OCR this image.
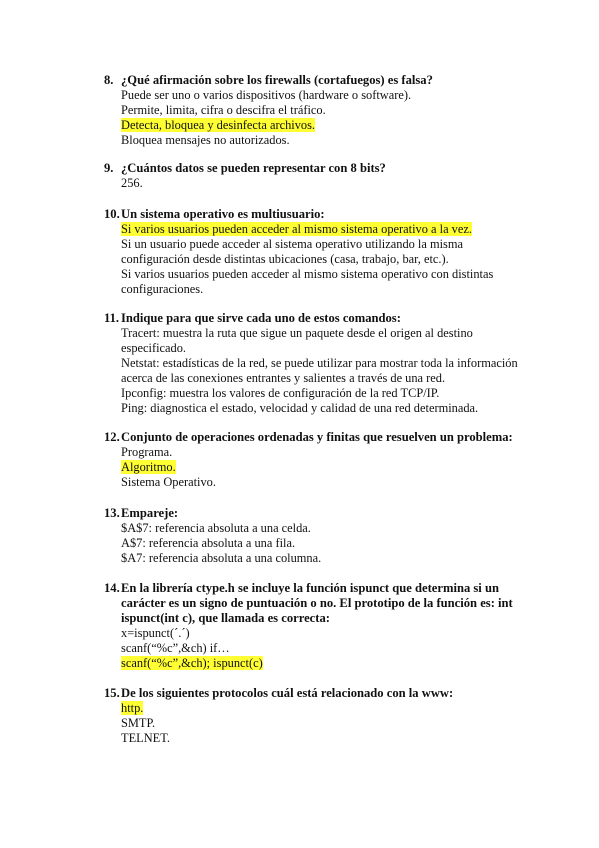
8. ¿Qué afirmación sobre los firewalls (cortafuegos) es falsa?
Puede ser uno o varios dispositivos (hardware o software).
Permite, limita, cifra o descifra el tráfico.
Detecta, bloquea y desinfecta archivos.
Bloquea mensajes no autorizados.
9. ¿Cuántos datos se pueden representar con 8 bits?
256.
10. Un sistema operativo es multiusuario:
Si varios usuarios pueden acceder al mismo sistema operativo a la vez.
Si un usuario puede acceder al sistema operativo utilizando la misma configuración desde distintas ubicaciones (casa, trabajo, bar, etc.).
Si varios usuarios pueden acceder al mismo sistema operativo con distintas configuraciones.
11. Indique para que sirve cada uno de estos comandos:
Tracert: muestra la ruta que sigue un paquete desde el origen al destino especificado.
Netstat: estadísticas de la red, se puede utilizar para mostrar toda la información acerca de las conexiones entrantes y salientes a través de una red.
Ipconfig: muestra los valores de configuración de la red TCP/IP.
Ping: diagnostica el estado, velocidad y calidad de una red determinada.
12. Conjunto de operaciones ordenadas y finitas que resuelven un problema:
Programa.
Algoritmo.
Sistema Operativo.
13. Empareje:
$A$7: referencia absoluta a una celda.
A$7: referencia absoluta a una fila.
$A7: referencia absoluta a una columna.
14. En la librería ctype.h se incluye la función ispunct que determina si un carácter es un signo de puntuación o no. El prototipo de la función es: int ispunct(int c), que llamada es correcta:
x=ispunct(´.´)
scanf(“%c”,&ch) if…
scanf(“%c”,&ch); ispunct(c)
15. De los siguientes protocolos cuál está relacionado con la www:
http.
SMTP.
TELNET.
